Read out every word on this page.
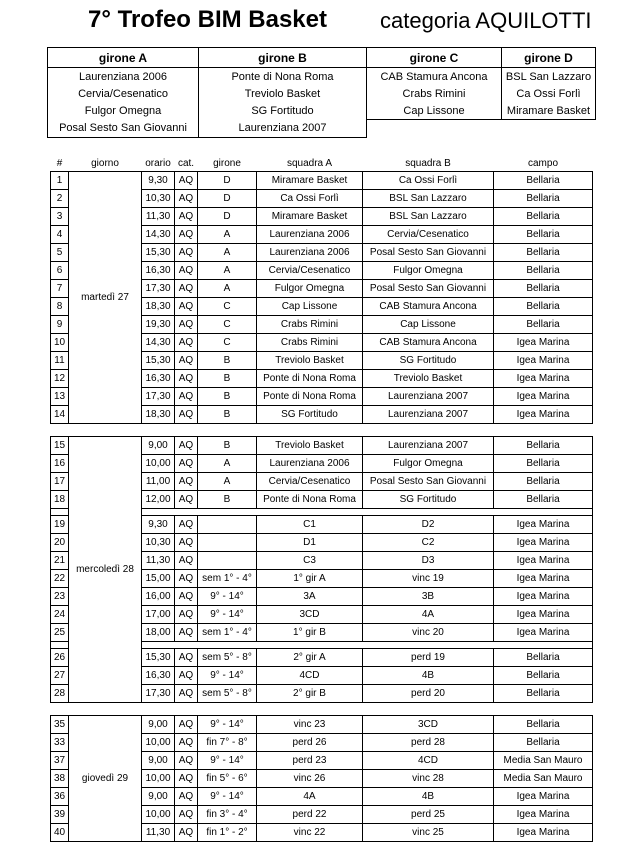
7° Trofeo BIM Basket categoria AQUILOTTI
girone A	girone B	girone C	girone D
Laurenziana 2006	Ponte di Nona Roma	CAB Stamura Ancona	BSL San Lazzaro
Cervia/Cesenatico	Treviolo Basket	Crabs Rimini	Ca Ossi Forlì
Fulgor Omegna	SG Fortitudo	Cap Lissone	Miramare Basket
Posal Sesto San Giovanni	Laurenziana 2007		
#	giorno	orario	cat.	girone	squadra A	squadra B	campo
1	martedì 27	9,30	AQ	D	Miramare Basket	Ca Ossi Forlì	Bellaria
2		10,30	AQ	D	Ca Ossi Forlì	BSL San Lazzaro	Bellaria
3		11,30	AQ	D	Miramare Basket	BSL San Lazzaro	Bellaria
4		14,30	AQ	A	Laurenziana 2006	Cervia/Cesenatico	Bellaria
5		15,30	AQ	A	Laurenziana 2006	Posal Sesto San Giovanni	Bellaria
6		16,30	AQ	A	Cervia/Cesenatico	Fulgor Omegna	Bellaria
7		17,30	AQ	A	Fulgor Omegna	Posal Sesto San Giovanni	Bellaria
8		18,30	AQ	C	Cap Lissone	CAB Stamura Ancona	Bellaria
9		19,30	AQ	C	Crabs Rimini	Cap Lissone	Bellaria
10		14,30	AQ	C	Crabs Rimini	CAB Stamura Ancona	Igea Marina
11		15,30	AQ	B	Treviolo Basket	SG Fortitudo	Igea Marina
12		16,30	AQ	B	Ponte di Nona Roma	Treviolo Basket	Igea Marina
13		17,30	AQ	B	Ponte di Nona Roma	Laurenziana 2007	Igea Marina
14		18,30	AQ	B	SG Fortitudo	Laurenziana 2007	Igea Marina

15	mercoledì 28	9,00	AQ	B	Treviolo Basket	Laurenziana 2007	Bellaria
16		10,00	AQ	A	Laurenziana 2006	Fulgor Omegna	Bellaria
17		11,00	AQ	A	Cervia/Cesenatico	Posal Sesto San Giovanni	Bellaria
18		12,00	AQ	B	Ponte di Nona Roma	SG Fortitudo	Bellaria

19		9,30	AQ		C1	D2	Igea Marina
20		10,30	AQ		D1	C2	Igea Marina
21		11,30	AQ		C3	D3	Igea Marina
22		15,00	AQ	sem 1° - 4°	1° gir A	vinc 19	Igea Marina
23		16,00	AQ	9° - 14°	3A	3B	Igea Marina
24		17,00	AQ	9° - 14°	3CD	4A	Igea Marina
25		18,00	AQ	sem 1° - 4°	1° gir B	vinc 20	Igea Marina

26		15,30	AQ	sem 5° - 8°	2° gir A	perd 19	Bellaria
27		16,30	AQ	9° - 14°	4CD	4B	Bellaria
28		17,30	AQ	sem 5° - 8°	2° gir B	perd 20	Bellaria

35	giovedì 29	9,00	AQ	9° - 14°	vinc 23	3CD	Bellaria
33		10,00	AQ	fin 7° - 8°	perd 26	perd 28	Bellaria
37		9,00	AQ	9° - 14°	perd 23	4CD	Media San Mauro
38		10,00	AQ	fin 5° - 6°	vinc 26	vinc 28	Media San Mauro
36		9,00	AQ	9° - 14°	4A	4B	Igea Marina
39		10,00	AQ	fin 3° - 4°	perd 22	perd 25	Igea Marina
40		11,30	AQ	fin 1° - 2°	vinc 22	vinc 25	Igea Marina
